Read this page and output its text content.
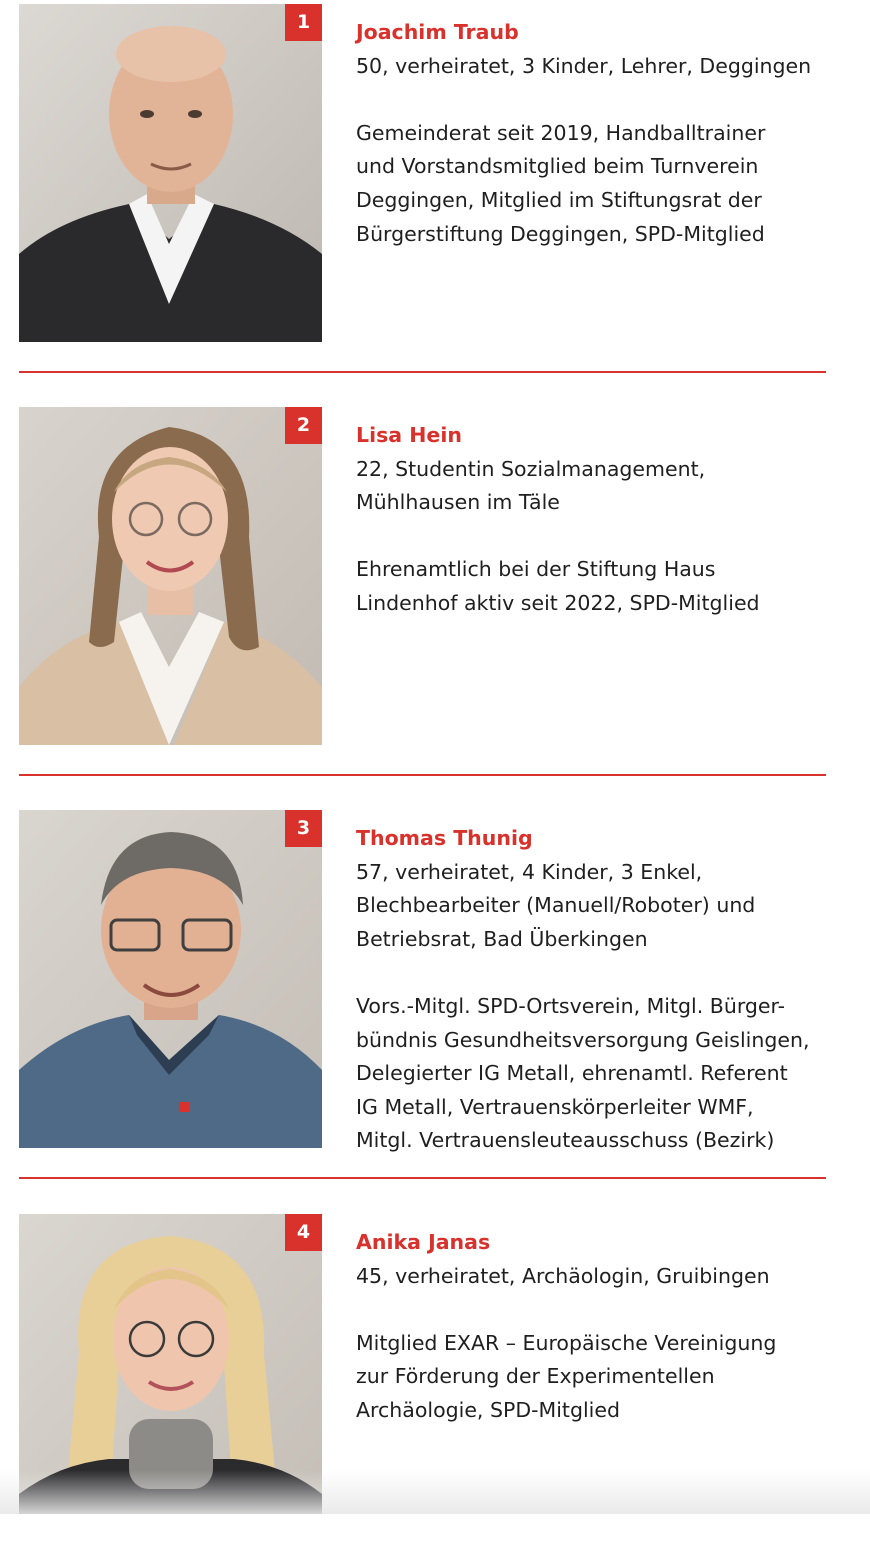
1	Joachim Traub
50, verheiratet, 3 Kinder, Lehrer, Deggingen
Gemeinderat seit 2019, Handballtrainer
und Vorstandsmitglied beim Turnverein
Deggingen, Mitglied im Stiftungsrat der
Bürgerstiftung Deggingen, SPD-Mitglied
2	Lisa Hein
22, Studentin Sozialmanagement,
Mühlhausen im Täle
Ehrenamtlich bei der Stiftung Haus
Lindenhof aktiv seit 2022, SPD-Mitglied
3	Thomas Thunig
57, verheiratet, 4 Kinder, 3 Enkel,
Blechbearbeiter (Manuell/Roboter) und
Betriebsrat, Bad Überkingen
Vors.-Mitgl. SPD-Ortsverein, Mitgl. Bürger-
bündnis Gesundheitsversorgung Geislingen,
Delegierter IG Metall, ehrenamtl. Referent
IG Metall, Vertrauenskörperleiter WMF,
Mitgl. Vertrauensleuteausschuss (Bezirk)
4	Anika Janas
45, verheiratet, Archäologin, Gruibingen
Mitglied EXAR – Europäische Vereinigung
zur Förderung der Experimentellen
Archäologie, SPD-Mitglied
